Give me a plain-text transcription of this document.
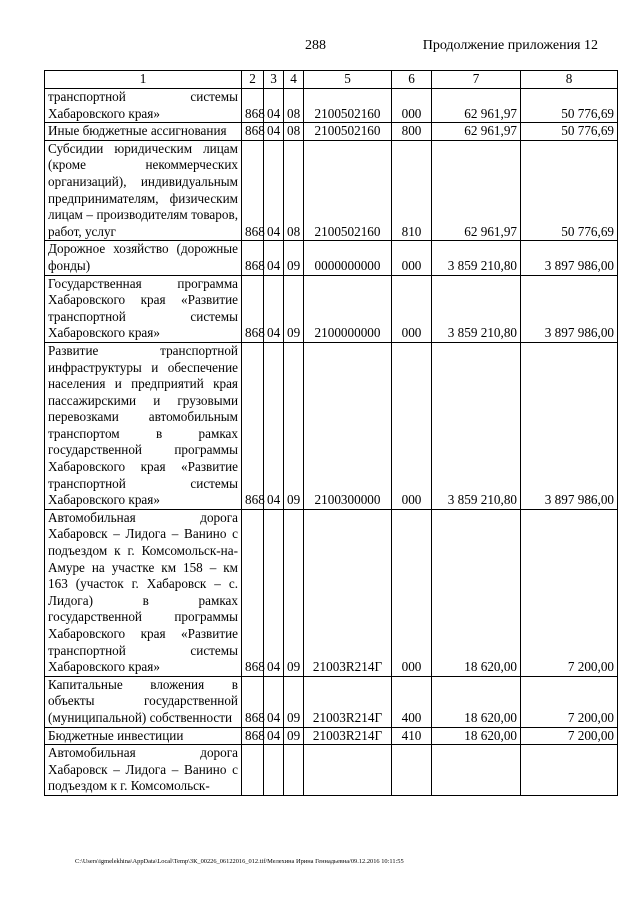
288	Продолжение приложения 12
1	2	3	4	5	6	7	8
транспортной системы Хабаровского края»	868	04	08	2100502160	000	62 961,97	50 776,69
Иные бюджетные ассигнования	868	04	08	2100502160	800	62 961,97	50 776,69
Субсидии юридическим лицам (кроме некоммерческих организаций), индивидуальным предпринимателям, физическим лицам – производителям товаров, работ, услуг	868	04	08	2100502160	810	62 961,97	50 776,69
Дорожное хозяйство (дорожные фонды)	868	04	09	0000000000	000	3 859 210,80	3 897 986,00
Государственная программа Хабаровского края «Развитие транспортной системы Хабаровского края»	868	04	09	2100000000	000	3 859 210,80	3 897 986,00
Развитие транспортной инфраструктуры и обеспечение населения и предприятий края пассажирскими и грузовыми перевозками автомобильным транспортом в рамках государственной программы Хабаровского края «Развитие транспортной системы Хабаровского края»	868	04	09	2100300000	000	3 859 210,80	3 897 986,00
Автомобильная дорога Хабаровск – Лидога – Ванино с подъездом к г. Комсомольск-на-Амуре на участке км 158 – км 163 (участок г. Хабаровск – с. Лидога) в рамках государственной программы Хабаровского края «Развитие транспортной системы Хабаровского края»	868	04	09	21003R214Г	000	18 620,00	7 200,00
Капитальные вложения в объекты государственной (муниципальной) собственности	868	04	09	21003R214Г	400	18 620,00	7 200,00
Бюджетные инвестиции	868	04	09	21003R214Г	410	18 620,00	7 200,00
Автомобильная дорога Хабаровск – Лидога – Ванино с подъездом к г. Комсомольск-							
C:\Users\igmelekhina\AppData\Local\Temp\ЗК_00226_06122016_012.tif/Мелехина Ирина Геннадьевна/09.12.2016 10:11:55
